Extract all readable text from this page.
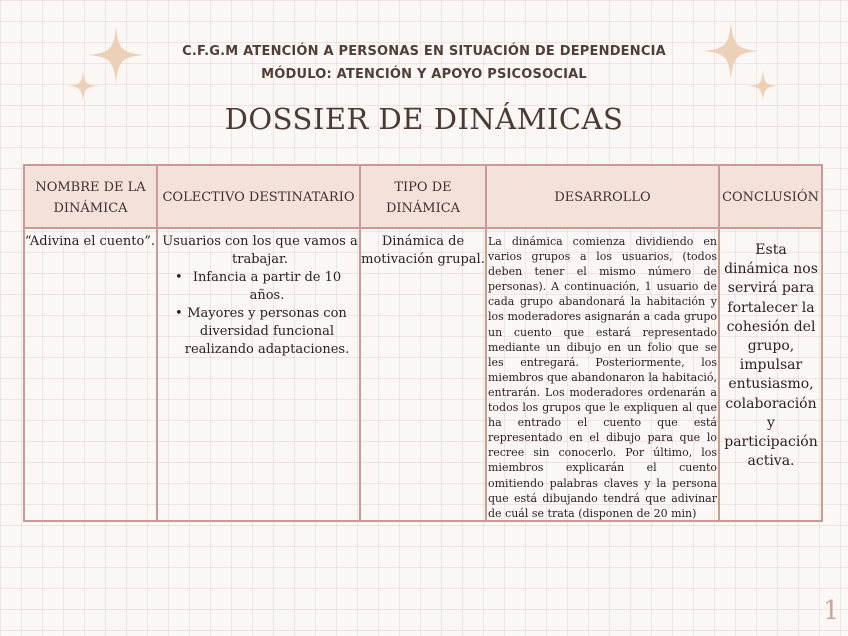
C.F.G.M ATENCIÓN A PERSONAS EN SITUACIÓN DE DEPENDENCIA
MÓDULO: ATENCIÓN Y APOYO PSICOSOCIAL
DOSSIER DE DINÁMICAS
NOMBRE DE LA DINÁMICA
COLECTIVO DESTINATARIO
TIPO DE DINÁMICA
DESARROLLO	CONCLUSIÓN
“Adivina el cuento”. Usuarios con los que vamos a trabajar.
• Infancia a partir de 10 años.
• Mayores y personas con diversidad funcional realizando adaptaciones.
Dinámica de motivación grupal.
La dinámica comienza dividiendo en varios grupos a los usuarios, (todos deben tener el mismo número de personas). A continuación, 1 usuario de cada grupo abandonará la habitación y los moderadores asignarán a cada grupo un cuento que estará representado mediante un dibujo en un folio que se les entregará. Posteriormente, los miembros que abandonaron la habitació, entrarán. Los moderadores ordenarán a todos los grupos que le expliquen al que ha entrado el cuento que está representado en el dibujo para que lo recree sin conocerlo. Por último, los miembros explicarán el cuento omitiendo palabras claves y la persona que está dibujando tendrá que adivinar de cuál se trata (disponen de 20 min)
Esta dinámica nos servirá para fortalecer la cohesión del grupo, impulsar entusiasmo, colaboración y participación activa.
1
